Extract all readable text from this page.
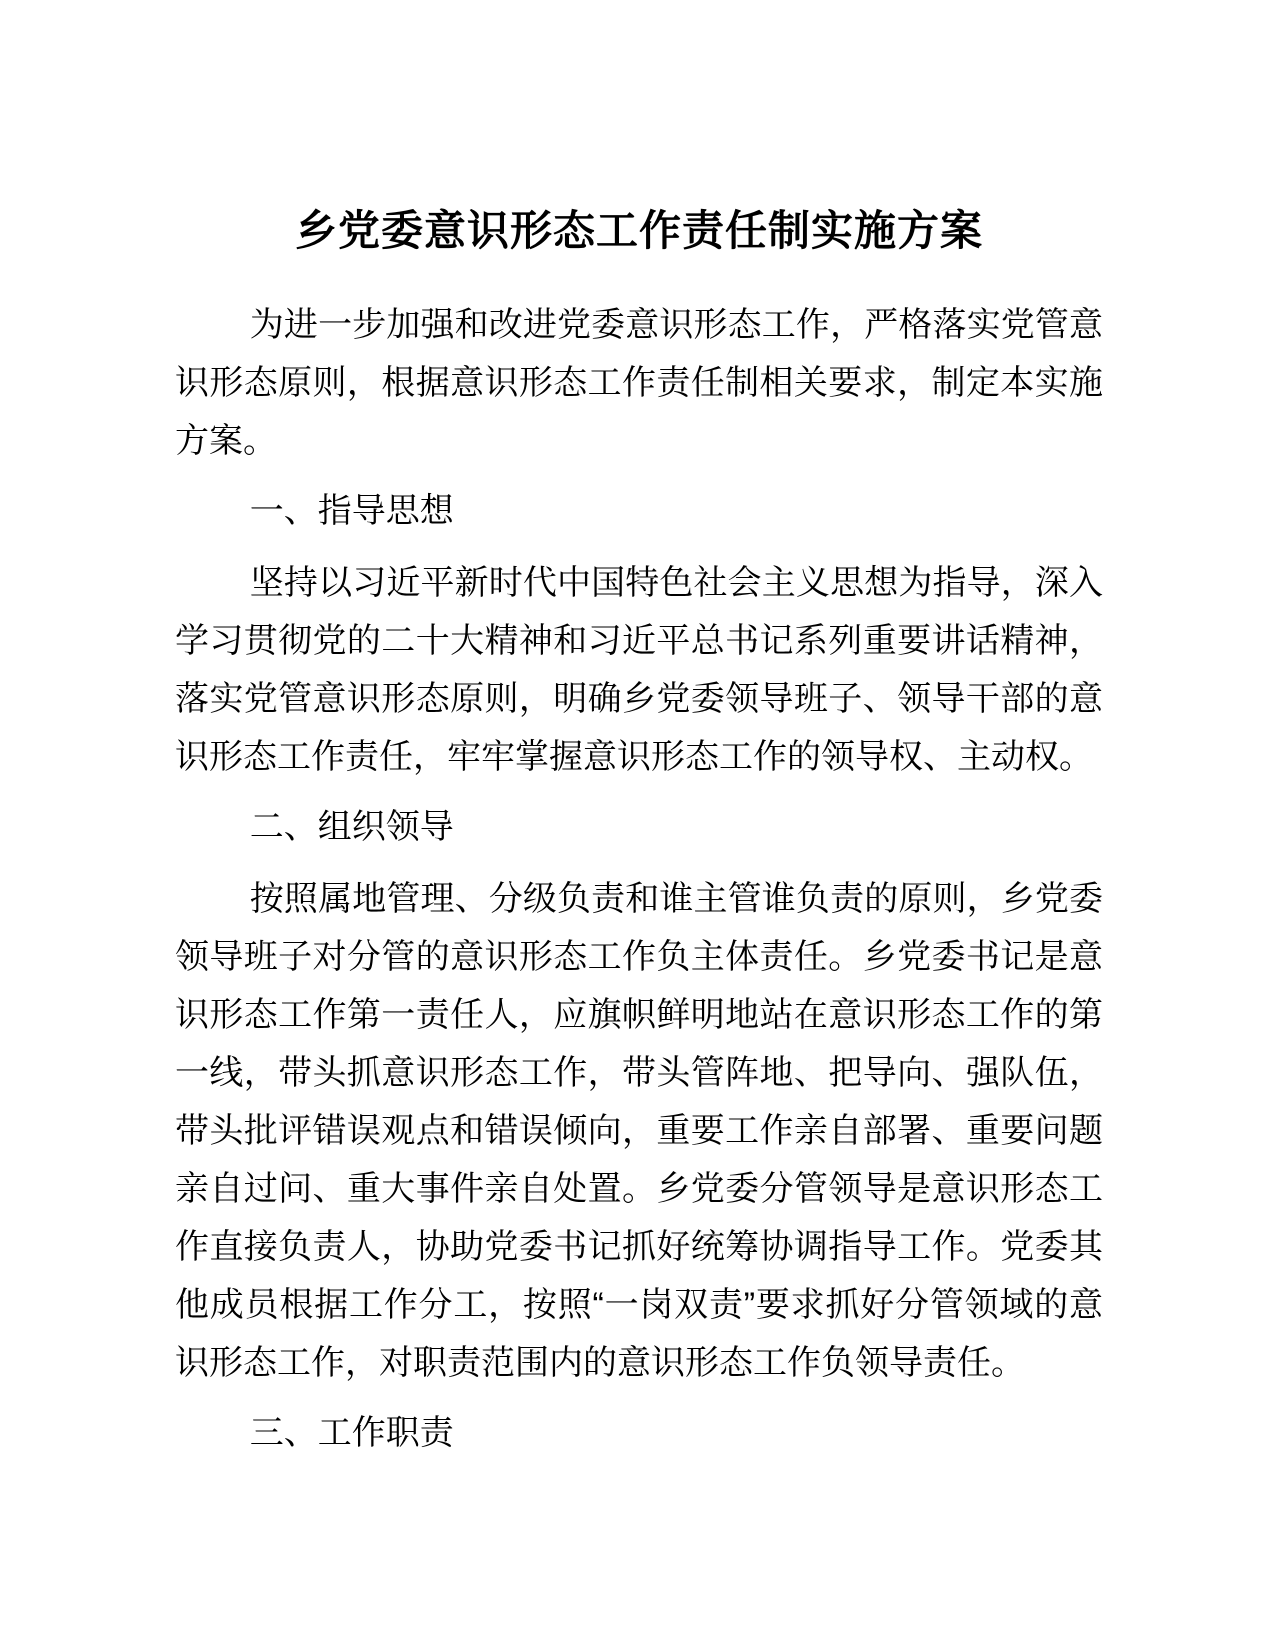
乡党委意识形态工作责任制实施方案

为进一步加强和改进党委意识形态工作，严格落实党管意识形态原则，根据意识形态工作责任制相关要求，制定本实施方案。

一、指导思想

坚持以习近平新时代中国特色社会主义思想为指导，深入学习贯彻党的二十大精神和习近平总书记系列重要讲话精神，落实党管意识形态原则，明确乡党委领导班子、领导干部的意识形态工作责任，牢牢掌握意识形态工作的领导权、主动权。

二、组织领导

按照属地管理、分级负责和谁主管谁负责的原则，乡党委领导班子对分管的意识形态工作负主体责任。乡党委书记是意识形态工作第一责任人，应旗帜鲜明地站在意识形态工作的第一线，带头抓意识形态工作，带头管阵地、把导向、强队伍，带头批评错误观点和错误倾向，重要工作亲自部署、重要问题亲自过问、重大事件亲自处置。乡党委分管领导是意识形态工作直接负责人，协助党委书记抓好统筹协调指导工作。党委其他成员根据工作分工，按照“一岗双责”要求抓好分管领域的意识形态工作，对职责范围内的意识形态工作负领导责任。

三、工作职责
